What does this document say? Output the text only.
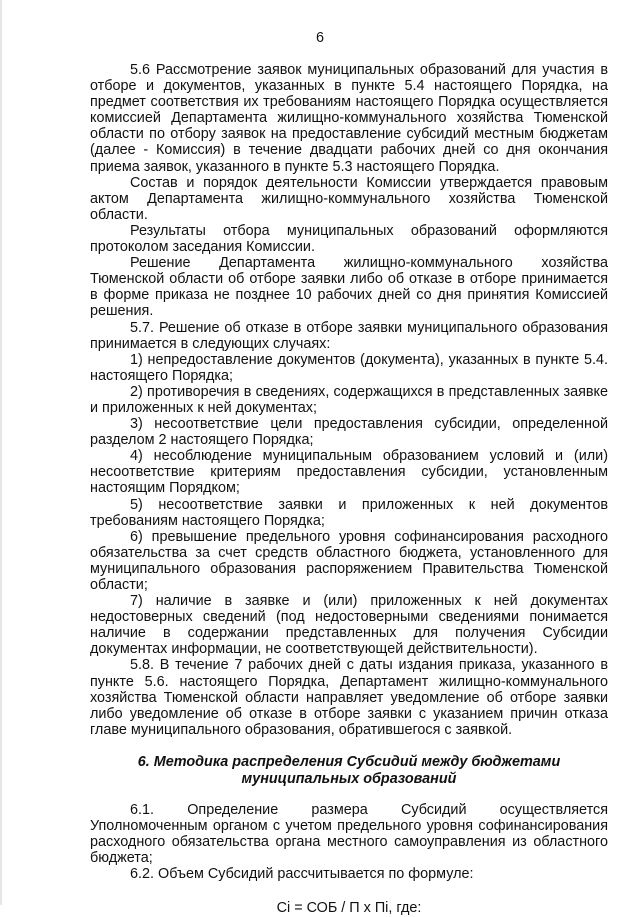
6

5.6 Рассмотрение заявок муниципальных образований для участия в отборе и документов, указанных в пункте 5.4 настоящего Порядка, на предмет соответствия их требованиям настоящего Порядка осуществляется комиссией Департамента жилищно-коммунального хозяйства Тюменской области по отбору заявок на предоставление субсидий местным бюджетам (далее - Комиссия) в течение двадцати рабочих дней со дня окончания приема заявок, указанного в пункте 5.3 настоящего Порядка.

Состав и порядок деятельности Комиссии утверждается правовым актом Департамента жилищно-коммунального хозяйства Тюменской области.

Результаты отбора муниципальных образований оформляются протоколом заседания Комиссии.

Решение Департамента жилищно-коммунального хозяйства Тюменской области об отборе заявки либо об отказе в отборе принимается в форме приказа не позднее 10 рабочих дней со дня принятия Комиссией решения.

5.7. Решение об отказе в отборе заявки муниципального образования принимается в следующих случаях:

1) непредоставление документов (документа), указанных в пункте 5.4. настоящего Порядка;

2) противоречия в сведениях, содержащихся в представленных заявке и приложенных к ней документах;

3) несоответствие цели предоставления субсидии, определенной разделом 2 настоящего Порядка;

4) несоблюдение муниципальным образованием условий и (или) несоответствие критериям предоставления субсидии, установленным настоящим Порядком;

5) несоответствие заявки и приложенных к ней документов требованиям настоящего Порядка;

6) превышение предельного уровня софинансирования расходного обязательства за счет средств областного бюджета, установленного для муниципального образования распоряжением Правительства Тюменской области;

7) наличие в заявке и (или) приложенных к ней документах недостоверных сведений (под недостоверными сведениями понимается наличие в содержании представленных для получения Субсидии документах информации, не соответствующей действительности).

5.8. В течение 7 рабочих дней с даты издания приказа, указанного в пункте 5.6. настоящего Порядка, Департамент жилищно-коммунального хозяйства Тюменской области направляет уведомление об отборе заявки либо уведомление об отказе в отборе заявки с указанием причин отказа главе муниципального образования, обратившегося с заявкой.

6. Методика распределения Субсидий между бюджетами муниципальных образований

6.1. Определение размера Субсидий осуществляется Уполномоченным органом с учетом предельного уровня софинансирования расходного обязательства органа местного самоуправления из областного бюджета;

6.2. Объем Субсидий рассчитывается по формуле:

Сi = СОБ / П х Пi, где:
